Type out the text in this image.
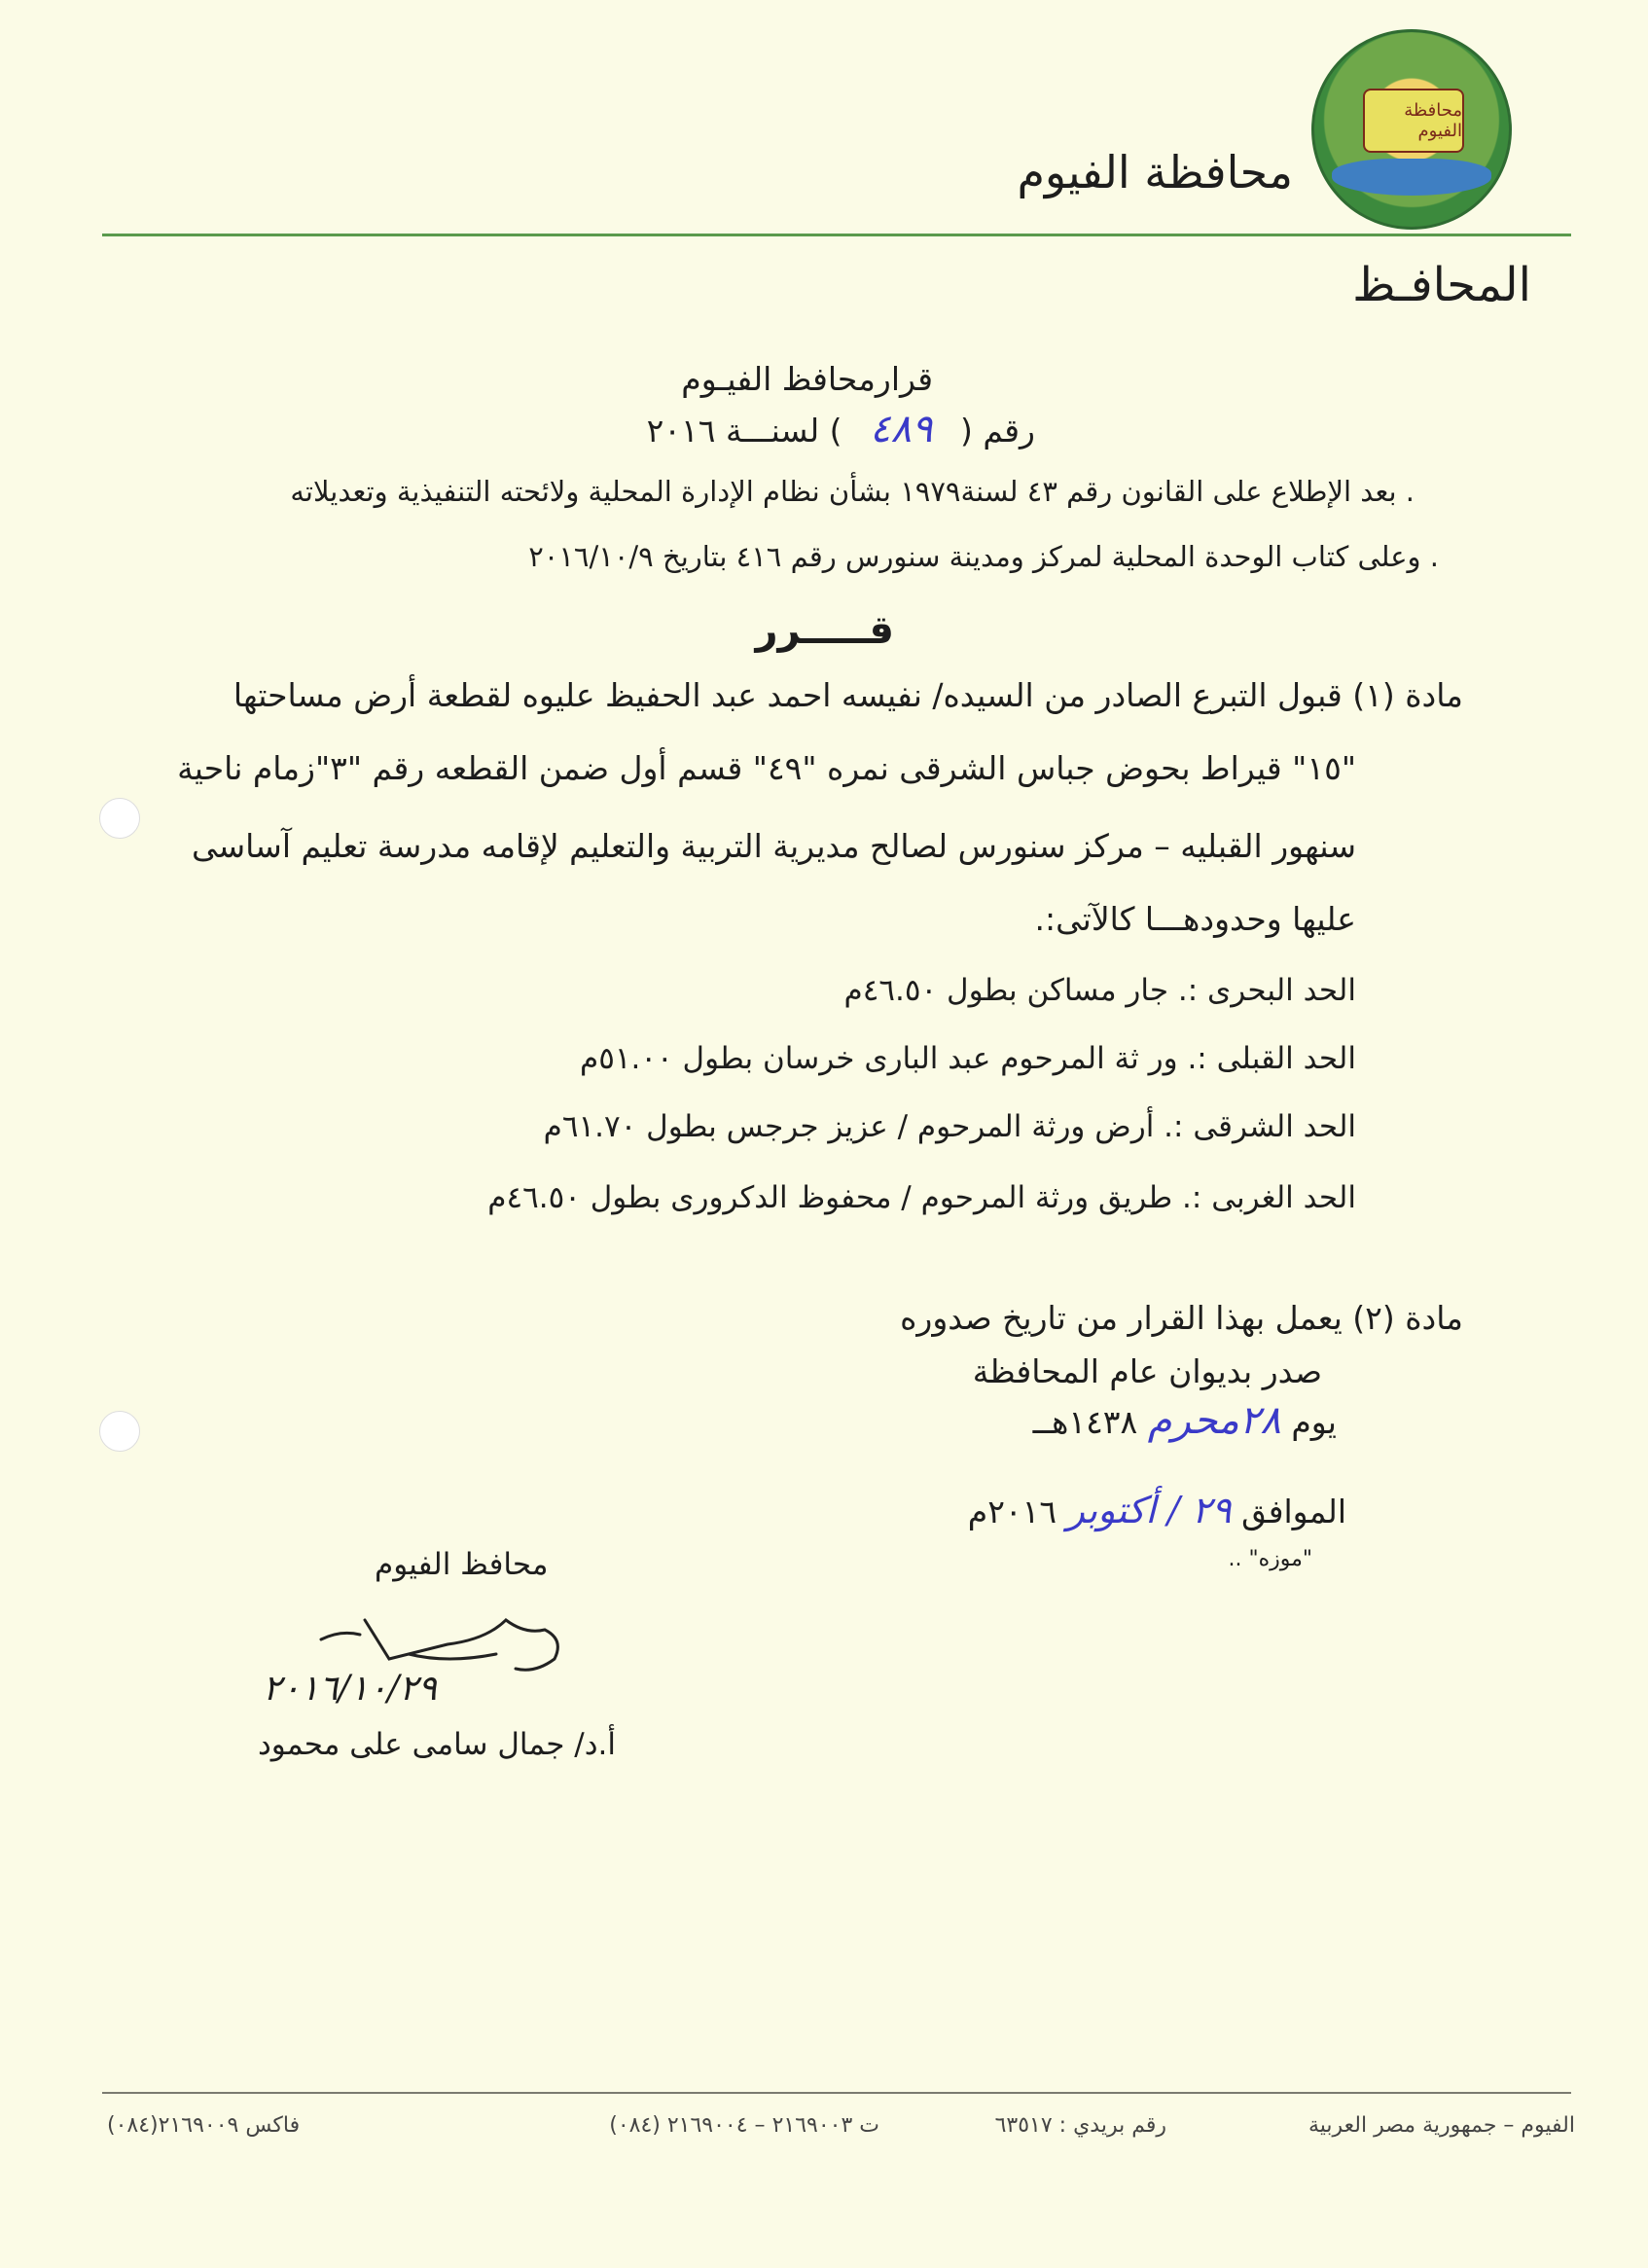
محافظة الفيوم
محافظة الفيوم
المحافـظ
قرارمحافظ الفيـوم
رقم ( ٤٨٩ ) لسنـــة ٢٠١٦
. بعد الإطلاع على القانون رقم ٤٣ لسنة١٩٧٩ بشأن نظام الإدارة المحلية ولائحته التنفيذية وتعديلاته
. وعلى كتاب الوحدة المحلية لمركز ومدينة سنورس رقم ٤١٦ بتاريخ ٢٠١٦/١٠/٩
قـــــرر
مادة (١) قبول التبرع الصادر من السيده/ نفيسه احمد عبد الحفيظ عليوه لقطعة أرض مساحتها
"١٥" قيراط بحوض جباس الشرقى نمره "٤٩" قسم أول ضمن القطعه رقم "٣"زمام ناحية
سنهور القبليه – مركز سنورس لصالح مديرية التربية والتعليم لإقامه مدرسة تعليم آساسى
عليها وحدودهـــا كالآتى:.
الحد البحرى :. جار مساكن بطول ٤٦.٥٠م
الحد القبلى :. ور ثة المرحوم عبد البارى خرسان بطول ٥١.٠٠م
الحد الشرقى :. أرض ورثة المرحوم / عزيز جرجس بطول ٦١.٧٠م
الحد الغربى :. طريق ورثة المرحوم / محفوظ الدكرورى بطول ٤٦.٥٠م
مادة (٢) يعمل بهذا القرار من تاريخ صدوره
صدر بديوان عام المحافظة
يوم ٢٨محرم ١٤٣٨هــ
الموافق ٢٩ / أكتوبر ٢٠١٦م
"موزه" ..
محافظ الفيوم
٢٠١٦/١٠/٢٩
أ.د/ جمال سامى على محمود
الفيوم – جمهورية مصر العربية
رقم بريدي : ٦٣٥١٧
ت ٢١٦٩٠٠٣ – ٢١٦٩٠٠٤ (٠٨٤)
فاكس ٢١٦٩٠٠٩(٠٨٤)
